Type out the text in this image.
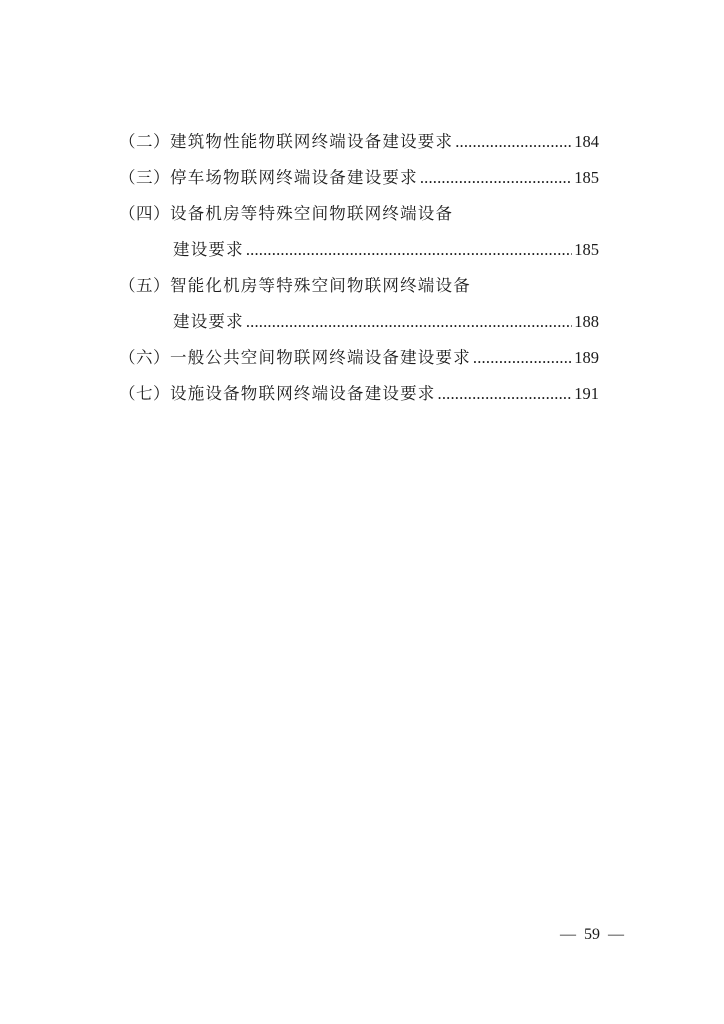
（二） 建筑物性能物联网终端设备建设要求 .....	184
（三） 停车场物联网终端设备建设要求 .....	185
（四） 设备机房等特殊空间物联网终端设备
建设要求 .....	185
（五） 智能化机房等特殊空间物联网终端设备
建设要求 .....	188
（六） 一般公共空间物联网终端设备建设要求 .....	189
（七） 设施设备物联网终端设备建设要求 .....	191
— 59 —
